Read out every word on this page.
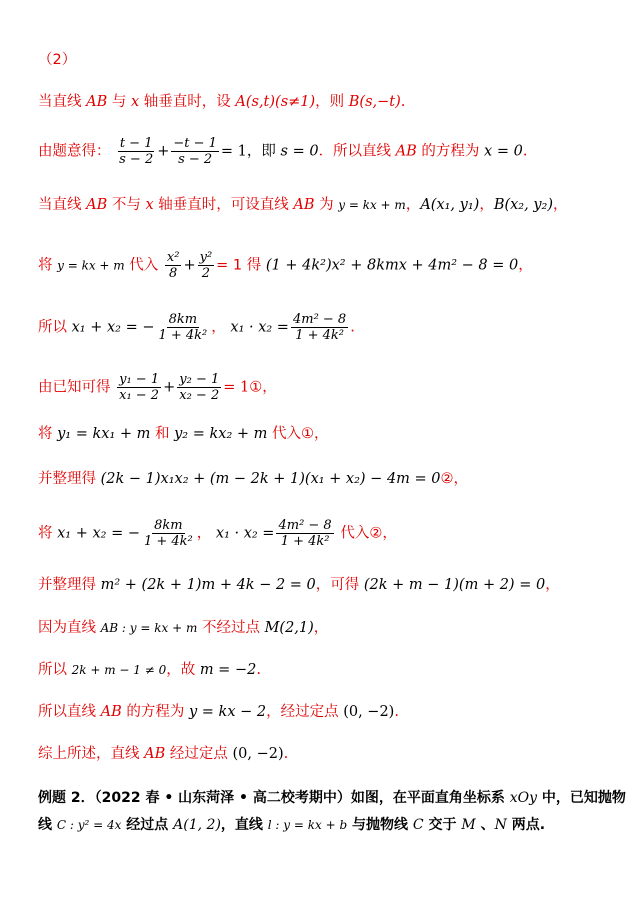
（2）
当直线 AB 与 x 轴垂直时，设 A(s,t)(s≠1)，则 B(s,−t).
由题意得： $\frac{t - 1}{s - 2} + \frac{-t - 1}{s - 2} = 1$，即 s = 0．所以直线 AB 的方程为 x = 0.
当直线 AB 不与 x 轴垂直时，可设直线 AB 为 y = kx + m，A(x₁, y₁)，B(x₂, y₂)，
将 y = kx + m 代入 $\frac{\text{x²}}{8} + \frac{\text{y²}}{2} = 1$ 得 (1 + 4k²)x² + 8kmx + 4m² − 8 = 0，
所以 x₁ + x₂ = − $\frac{8km}{\text{1 + 4k²}}$ ， $x_1 \cdot x_2 = \frac{\text{4m² − 8}}{\text{1 + 4k²}}$ .
由已知可得 $\frac{\text{y₁ − 1}}{\text{x₁ − 2}} + \frac{\text{y₂ − 1}}{\text{x₂ − 2}}$ = 1①，
将 y₁ = kx₁ + m 和 y₂ = kx₂ + m 代入①，
并整理得 (2k − 1)x₁x₂ + (m − 2k + 1)(x₁ + x₂) − 4m = 0②，
将 x₁ + x₂ = − $\frac{8km}{\text{1 + 4k²}}$ ， $x_1 \cdot x_2 = \frac{\text{4m² − 8}}{\text{1 + 4k²}}$ 代入②，
并整理得 m² + (2k + 1)m + 4k − 2 = 0，可得 (2k + m − 1)(m + 2) = 0，
因为直线 AB : y = kx + m 不经过点 M(2,1)，
所以 2k + m − 1 ≠ 0，故 m = −2.
所以直线 AB 的方程为 y = kx − 2，经过定点 (0, −2).
综上所述，直线 AB 经过定点 (0, −2).
例题 2．（2022 春 • 山东菏泽 • 高二校考期中）如图，在平面直角坐标系 xOy 中，已知抛物
线 C : y² = 4x 经过点 A(1, 2)，直线 l : y = kx + b 与抛物线 C 交于 M 、N 两点.
